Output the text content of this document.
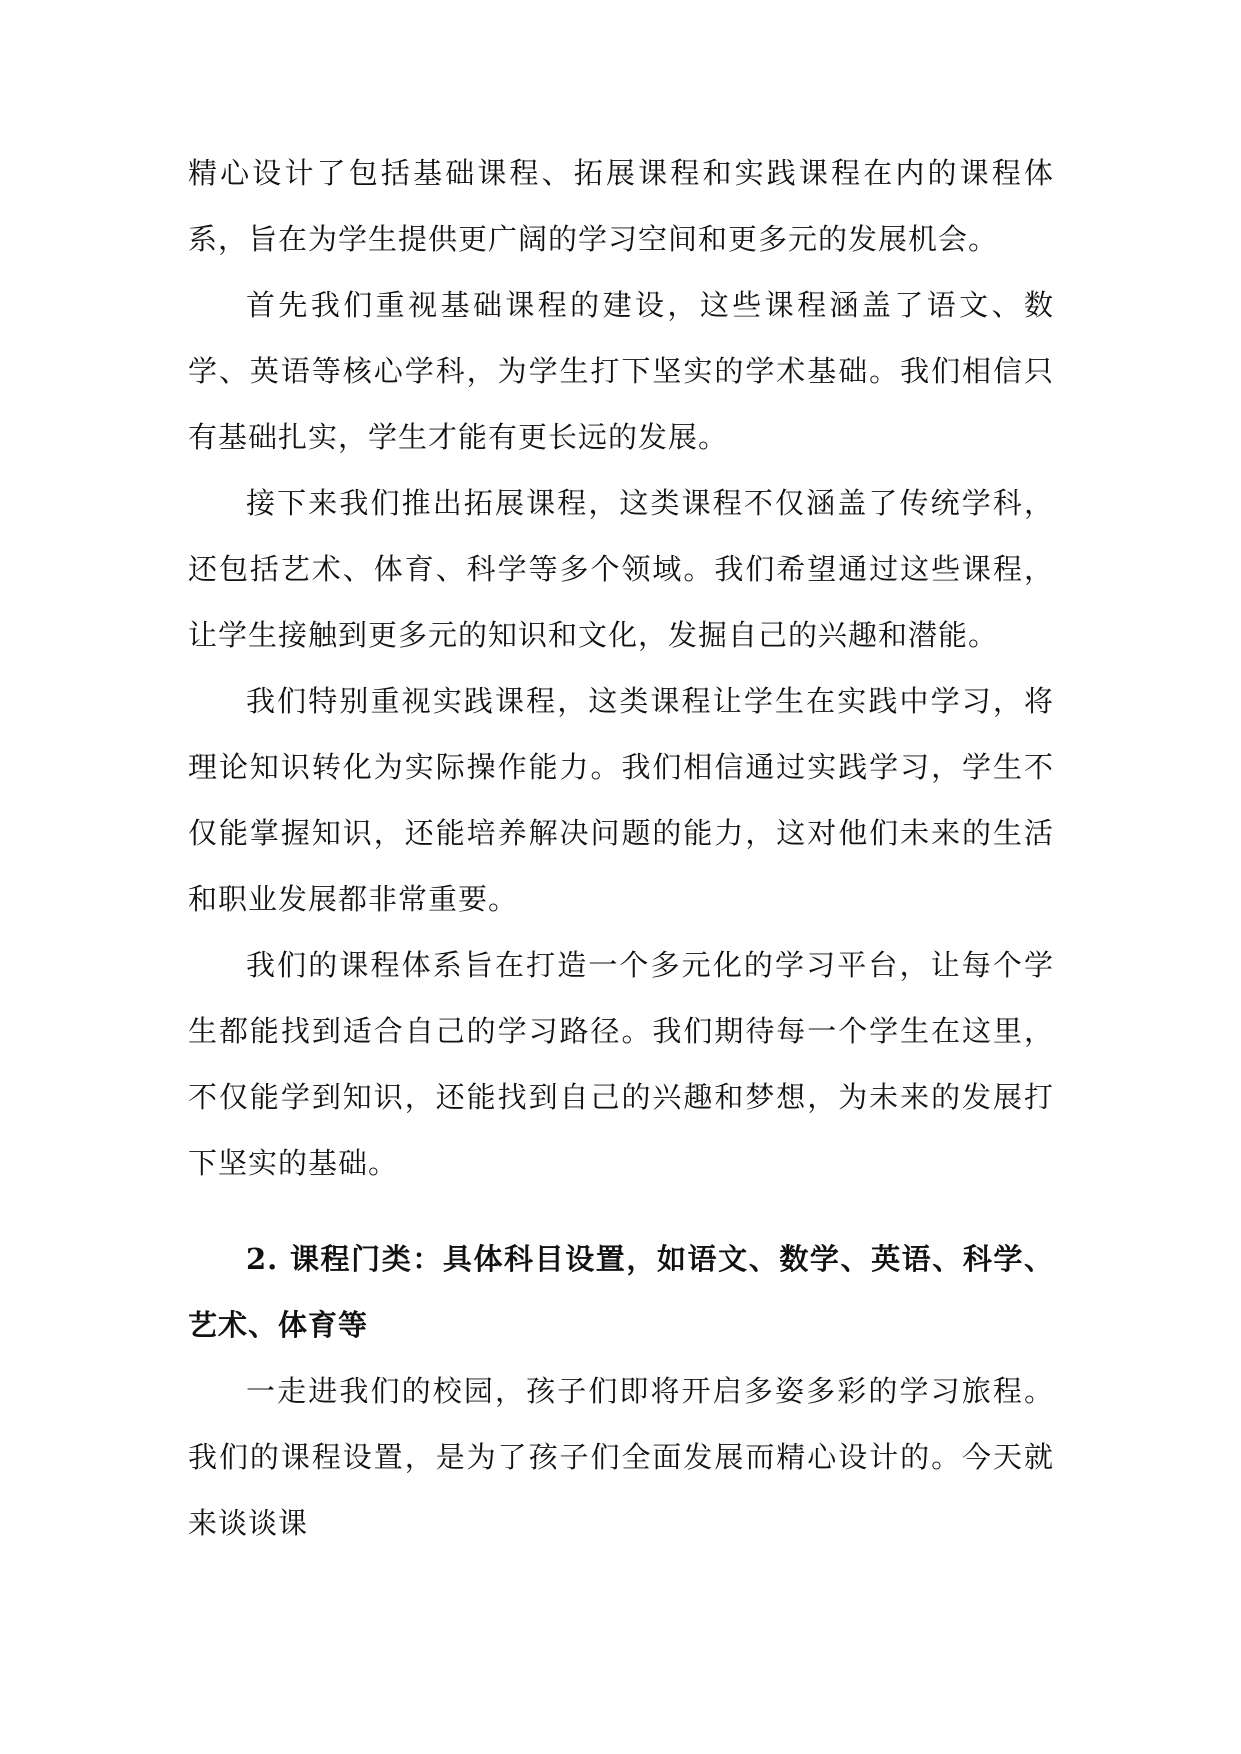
精心设计了包括基础课程、拓展课程和实践课程在内的课程体系，旨在为学生提供更广阔的学习空间和更多元的发展机会。

首先我们重视基础课程的建设，这些课程涵盖了语文、数学、英语等核心学科，为学生打下坚实的学术基础。我们相信只有基础扎实，学生才能有更长远的发展。

接下来我们推出拓展课程，这类课程不仅涵盖了传统学科，还包括艺术、体育、科学等多个领域。我们希望通过这些课程，让学生接触到更多元的知识和文化，发掘自己的兴趣和潜能。

我们特别重视实践课程，这类课程让学生在实践中学习，将理论知识转化为实际操作能力。我们相信通过实践学习，学生不仅能掌握知识，还能培养解决问题的能力，这对他们未来的生活和职业发展都非常重要。

我们的课程体系旨在打造一个多元化的学习平台，让每个学生都能找到适合自己的学习路径。我们期待每一个学生在这里，不仅能学到知识，还能找到自己的兴趣和梦想，为未来的发展打下坚实的基础。

2. 课程门类：具体科目设置，如语文、数学、英语、科学、艺术、体育等

一走进我们的校园，孩子们即将开启多姿多彩的学习旅程。我们的课程设置，是为了孩子们全面发展而精心设计的。今天就来谈谈课
